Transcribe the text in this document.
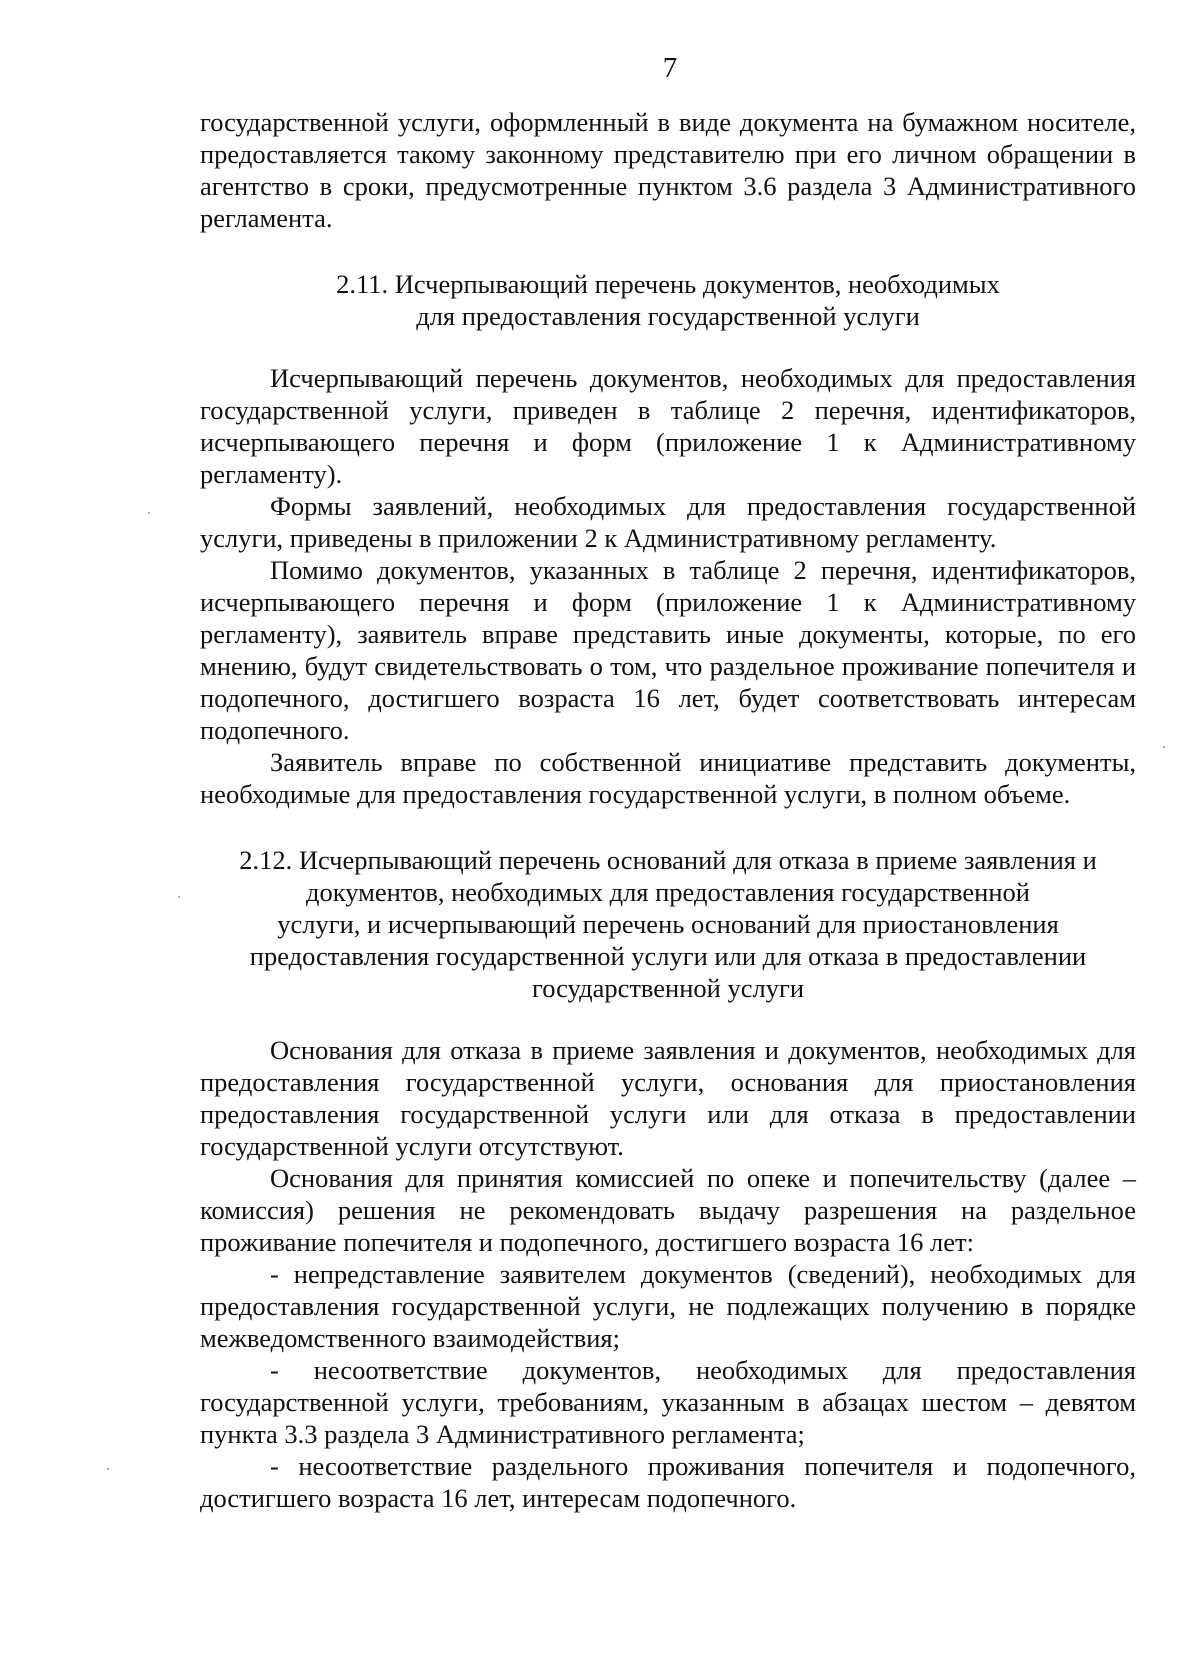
7

государственной услуги, оформленный в виде документа на бумажном носителе, предоставляется такому законному представителю при его личном обращении в агентство в сроки, предусмотренные пунктом 3.6 раздела 3 Административного регламента.

2.11. Исчерпывающий перечень документов, необходимых
для предоставления государственной услуги

Исчерпывающий перечень документов, необходимых для предоставления государственной услуги, приведен в таблице 2 перечня, идентификаторов, исчерпывающего перечня и форм (приложение 1 к Административному регламенту).

Формы заявлений, необходимых для предоставления государственной услуги, приведены в приложении 2 к Административному регламенту.

Помимо документов, указанных в таблице 2 перечня, идентификаторов, исчерпывающего перечня и форм (приложение 1 к Административному регламенту), заявитель вправе представить иные документы, которые, по его мнению, будут свидетельствовать о том, что раздельное проживание попечителя и подопечного, достигшего возраста 16 лет, будет соответствовать интересам подопечного.

Заявитель вправе по собственной инициативе представить документы, необходимые для предоставления государственной услуги, в полном объеме.

2.12. Исчерпывающий перечень оснований для отказа в приеме заявления и
документов, необходимых для предоставления государственной
услуги, и исчерпывающий перечень оснований для приостановления
предоставления государственной услуги или для отказа в предоставлении
государственной услуги

Основания для отказа в приеме заявления и документов, необходимых для предоставления государственной услуги, основания для приостановления предоставления государственной услуги или для отказа в предоставлении государственной услуги отсутствуют.

Основания для принятия комиссией по опеке и попечительству (далее – комиссия) решения не рекомендовать выдачу разрешения на раздельное проживание попечителя и подопечного, достигшего возраста 16 лет:

- непредставление заявителем документов (сведений), необходимых для предоставления государственной услуги, не подлежащих получению в порядке межведомственного взаимодействия;

- несоответствие документов, необходимых для предоставления государственной услуги, требованиям, указанным в абзацах шестом – девятом пункта 3.3 раздела 3 Административного регламента;

- несоответствие раздельного проживания попечителя и подопечного, достигшего возраста 16 лет, интересам подопечного.
